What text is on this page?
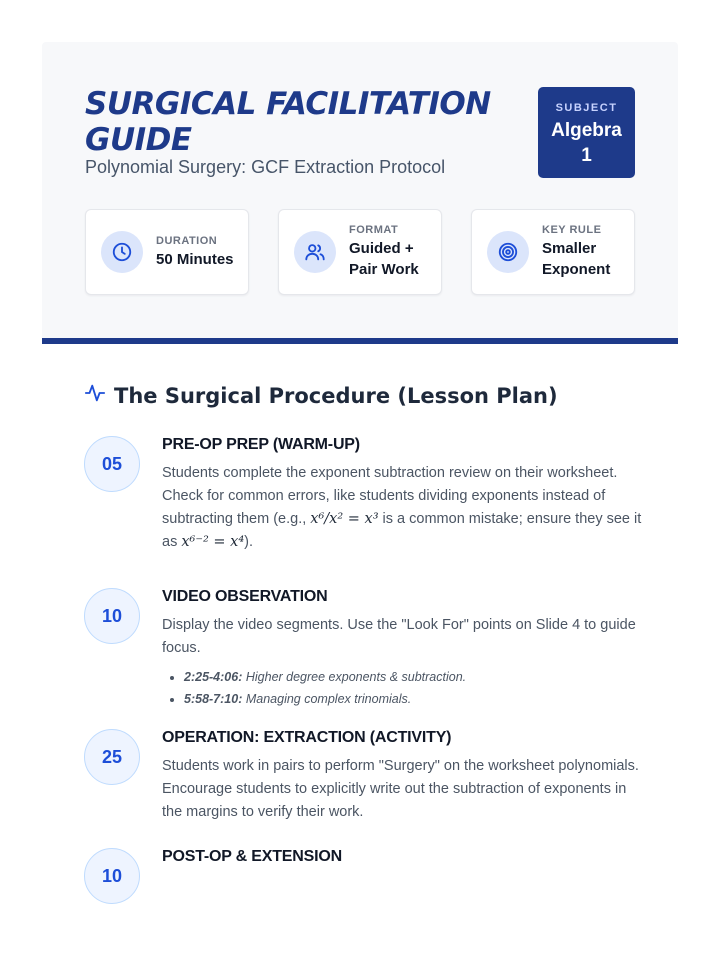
SURGICAL FACILITATION GUIDE
Polynomial Surgery: GCF Extraction Protocol
SUBJECT
Algebra 1
DURATION
50 Minutes
FORMAT
Guided + Pair Work
KEY RULE
Smaller Exponent
The Surgical Procedure (Lesson Plan)
05
PRE-OP PREP (WARM-UP)

Students complete the exponent subtraction review on their worksheet. Check for common errors, like students dividing exponents instead of subtracting them (e.g., x⁶/x² = x³ is a common mistake; ensure they see it as x⁶⁻² = x⁴).

10
VIDEO OBSERVATION

Display the video segments. Use the "Look For" points on Slide 4 to guide focus.

• 2:25-4:06: Higher degree exponents & subtraction.
• 5:58-7:10: Managing complex trinomials.
25
OPERATION: EXTRACTION (ACTIVITY)

Students work in pairs to perform "Surgery" on the worksheet polynomials. Encourage students to explicitly write out the subtraction of exponents in the margins to verify their work.

10
POST-OP & EXTENSION
